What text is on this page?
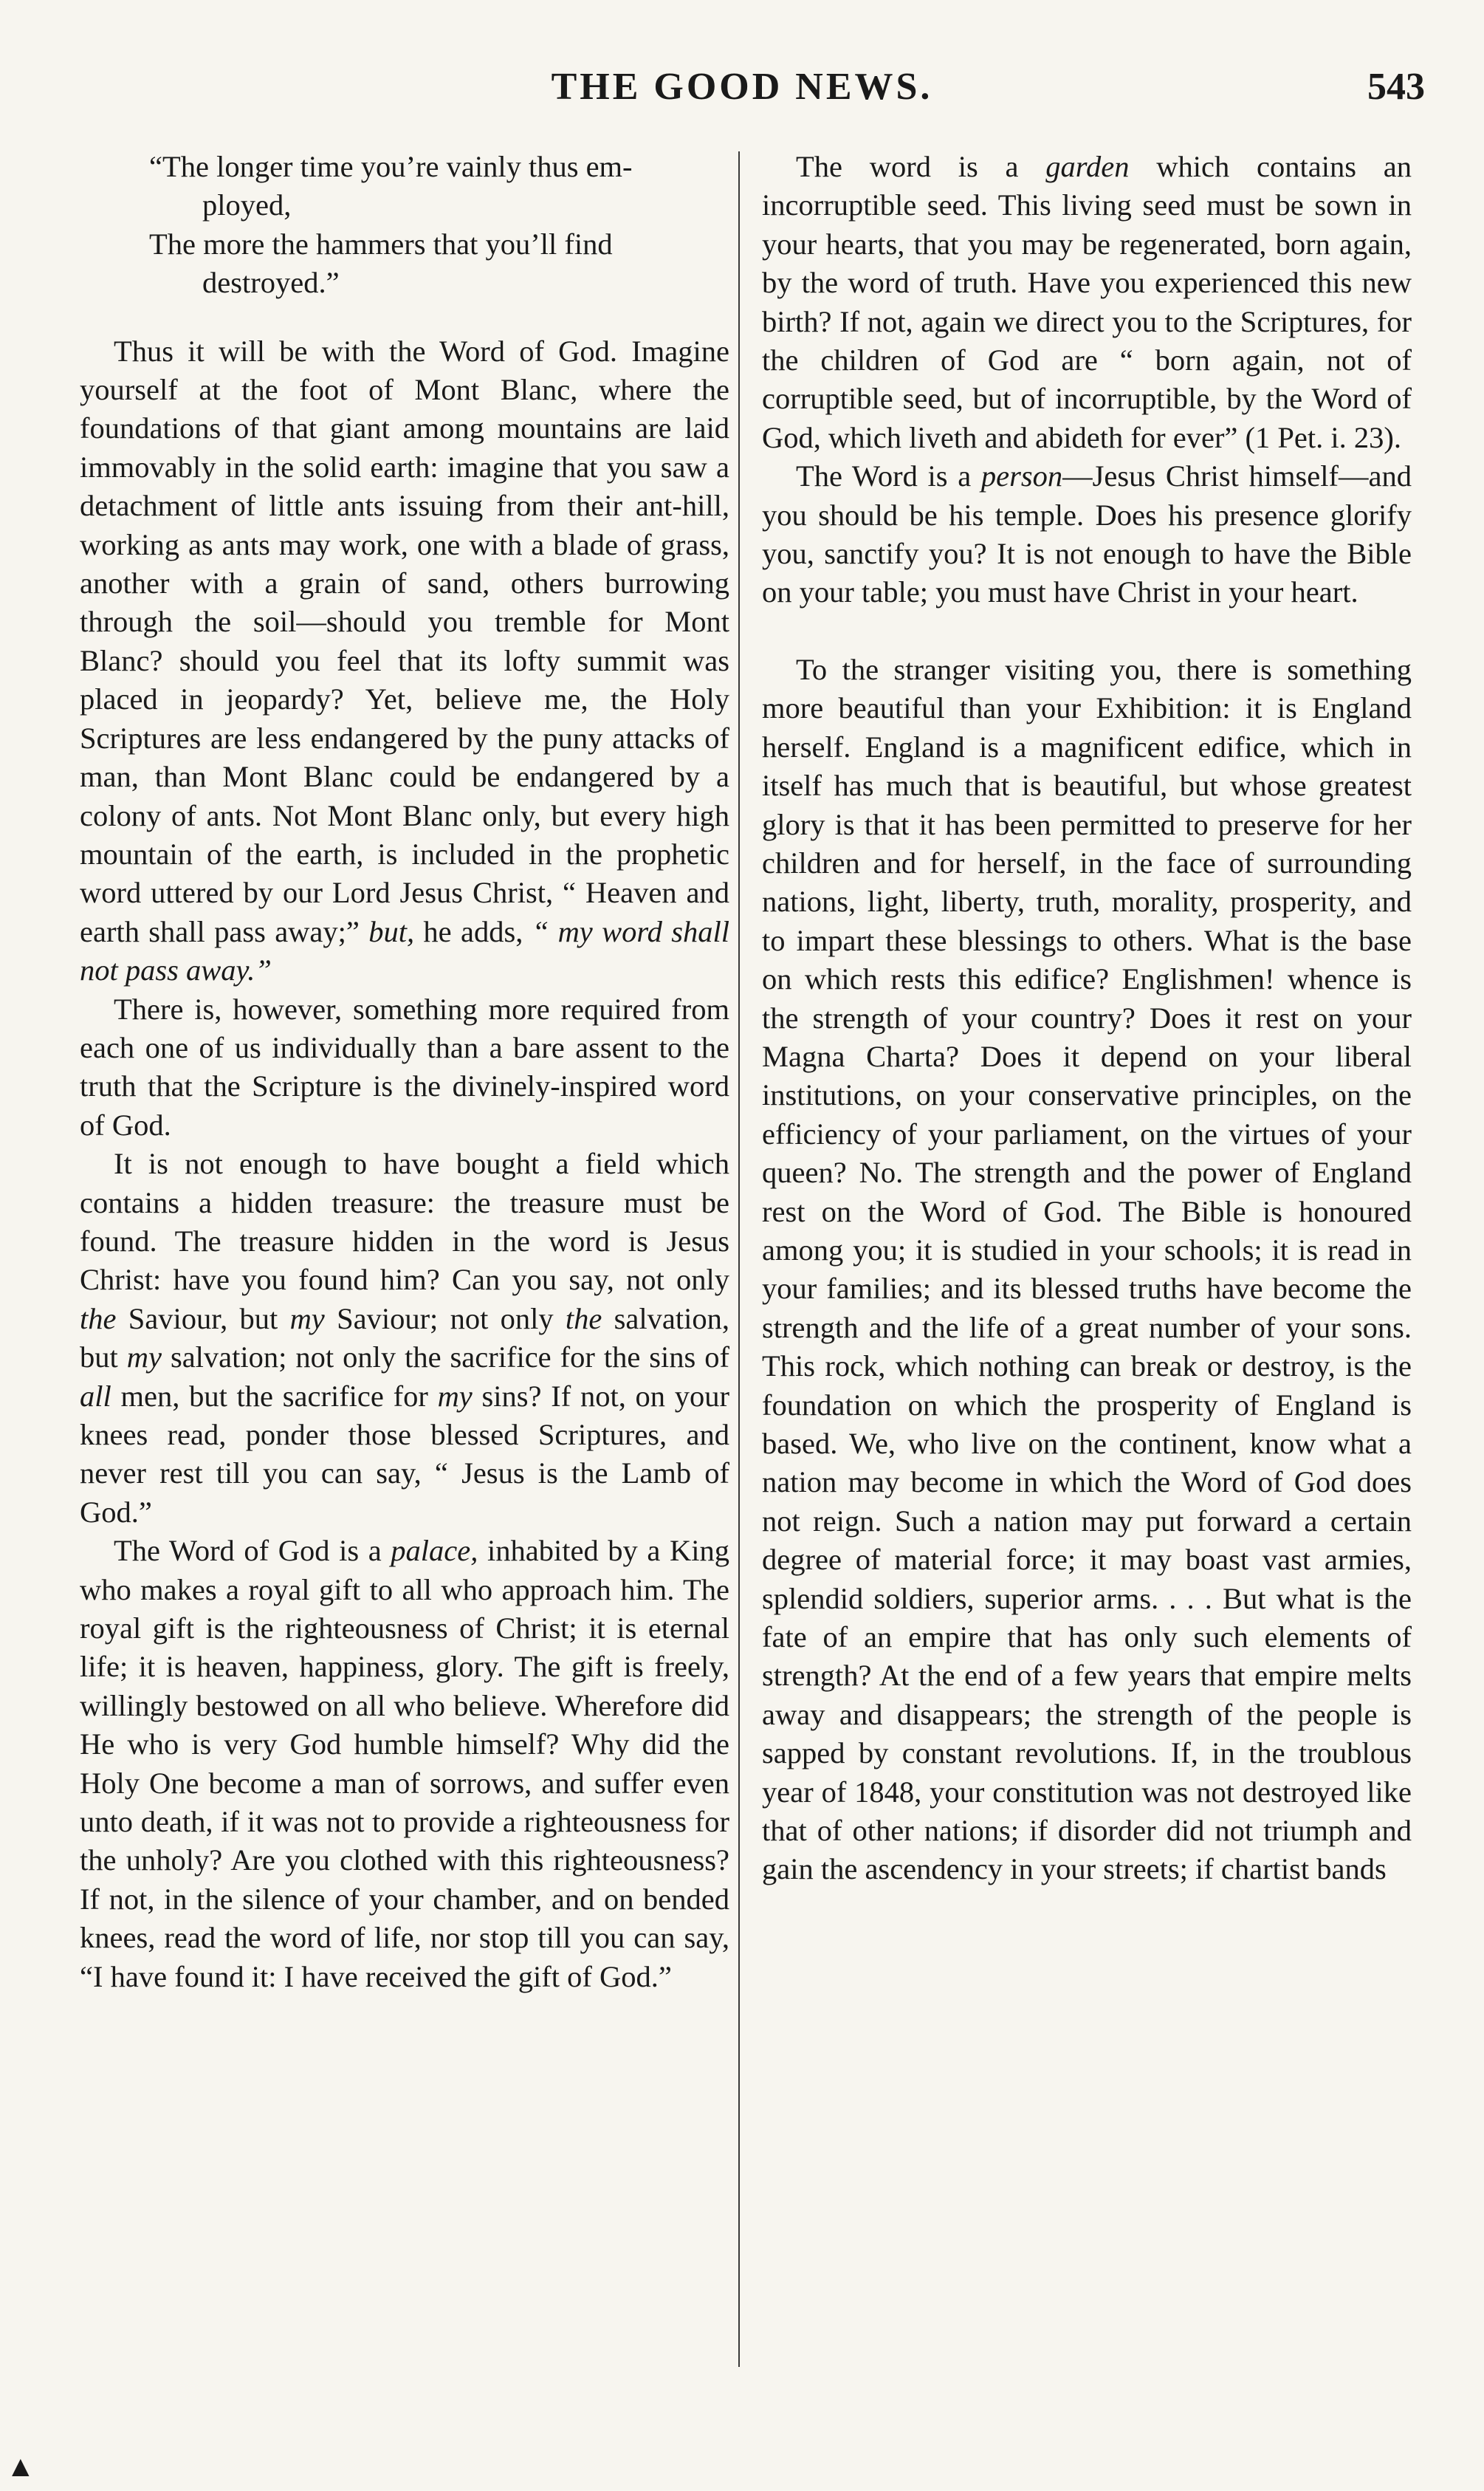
THE GOOD NEWS.	543

“The longer time you’re vainly thus em-

ployed,

The more the hammers that you’ll find

destroyed.”

Thus it will be with the Word of God. Imagine yourself at the foot of Mont Blanc, where the foundations of that giant among mountains are laid immovably in the solid earth: imagine that you saw a detachment of little ants issuing from their ant-hill, working as ants may work, one with a blade of grass, another with a grain of sand, others burrowing through the soil—should you tremble for Mont Blanc? should you feel that its lofty summit was placed in jeopardy? Yet, believe me, the Holy Scriptures are less endangered by the puny attacks of man, than Mont Blanc could be endangered by a colony of ants. Not Mont Blanc only, but every high mountain of the earth, is included in the prophetic word uttered by our Lord Jesus Christ, “ Heaven and earth shall pass away;” but, he adds, “ my word shall not pass away.”

There is, however, something more required from each one of us individually than a bare assent to the truth that the Scripture is the divinely-inspired word of God.

It is not enough to have bought a field which contains a hidden treasure: the treasure must be found. The treasure hidden in the word is Jesus Christ: have you found him? Can you say, not only the Saviour, but my Saviour; not only the salvation, but my salvation; not only the sacrifice for the sins of all men, but the sacrifice for my sins? If not, on your knees read, ponder those blessed Scriptures, and never rest till you can say, “ Jesus is the Lamb of God.”

The Word of God is a palace, inhabited by a King who makes a royal gift to all who approach him. The royal gift is the righteousness of Christ; it is eternal life; it is heaven, happiness, glory. The gift is freely, willingly bestowed on all who believe. Wherefore did He who is very God humble himself? Why did the Holy One become a man of sorrows, and suffer even unto death, if it was not to provide a righteousness for the unholy? Are you clothed with this righteousness? If not, in the silence of your chamber, and on bended knees, read the word of life, nor stop till you can say, “I have found it: I have received the gift of God.”

The word is a garden which contains an incorruptible seed. This living seed must be sown in your hearts, that you may be regenerated, born again, by the word of truth. Have you experienced this new birth? If not, again we direct you to the Scriptures, for the children of God are “ born again, not of corruptible seed, but of incorruptible, by the Word of God, which liveth and abideth for ever” (1 Pet. i. 23).

The Word is a person—Jesus Christ himself—and you should be his temple. Does his presence glorify you, sanctify you? It is not enough to have the Bible on your table; you must have Christ in your heart.

To the stranger visiting you, there is something more beautiful than your Exhibition: it is England herself. England is a magnificent edifice, which in itself has much that is beautiful, but whose greatest glory is that it has been permitted to preserve for her children and for herself, in the face of surrounding nations, light, liberty, truth, morality, prosperity, and to impart these blessings to others. What is the base on which rests this edifice? Englishmen! whence is the strength of your country? Does it rest on your Magna Charta? Does it depend on your liberal institutions, on your conservative principles, on the efficiency of your parliament, on the virtues of your queen? No. The strength and the power of England rest on the Word of God. The Bible is honoured among you; it is studied in your schools; it is read in your families; and its blessed truths have become the strength and the life of a great number of your sons. This rock, which nothing can break or destroy, is the foundation on which the prosperity of England is based. We, who live on the continent, know what a nation may become in which the Word of God does not reign. Such a nation may put forward a certain degree of material force; it may boast vast armies, splendid soldiers, superior arms. . . . But what is the fate of an empire that has only such elements of strength? At the end of a few years that empire melts away and disappears; the strength of the people is sapped by constant revolutions. If, in the troublous year of 1848, your constitution was not destroyed like that of other nations; if disorder did not triumph and gain the ascendency in your streets; if chartist bands

▲
